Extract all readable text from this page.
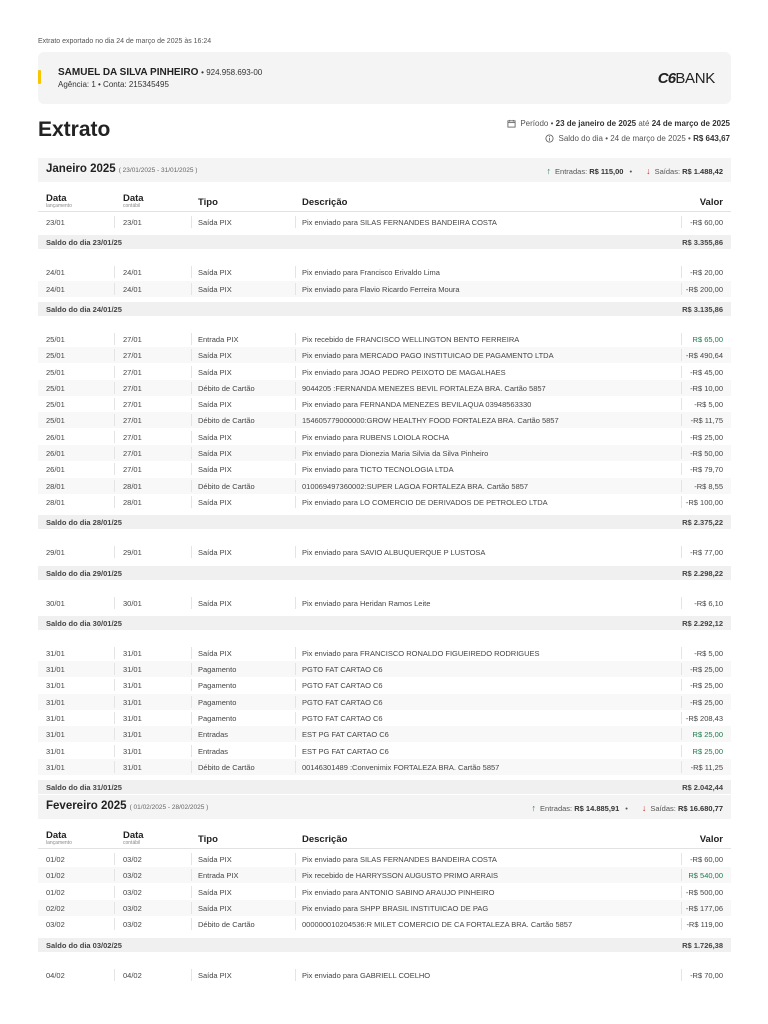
Extrato exportado no dia 24 de março de 2025 às 16:24
SAMUEL DA SILVA PINHEIRO • 924.958.693-00
Agência: 1 • Conta: 215345495	C6BANK
Extrato	Período • 23 de janeiro de 2025 até 24 de março de 2025
Saldo do dia • 24 de março de 2025 • R$ 643,67
Janeiro 2025 ( 23/01/2025 - 31/01/2025 )	↑ Entradas: R$ 115,00 • ↓ Saídas: R$ 1.488,42
Data
lançamento
Data
contábil	Tipo	Descrição	Valor
23/01	23/01	Saída PIX	Pix enviado para SILAS FERNANDES BANDEIRA COSTA	-R$ 60,00
Saldo do dia 23/01/25	R$ 3.355,86
24/01	24/01	Saída PIX	Pix enviado para Francisco Erivaldo Lima	-R$ 20,00
24/01	24/01	Saída PIX	Pix enviado para Flavio Ricardo Ferreira Moura	-R$ 200,00
Saldo do dia 24/01/25	R$ 3.135,86
25/01	27/01	Entrada PIX	Pix recebido de FRANCISCO WELLINGTON BENTO FERREIRA	R$ 65,00
25/01	27/01	Saída PIX	Pix enviado para MERCADO PAGO INSTITUICAO DE PAGAMENTO LTDA	-R$ 490,64
25/01	27/01	Saída PIX	Pix enviado para JOAO PEDRO PEIXOTO DE MAGALHAES	-R$ 45,00
25/01	27/01	Débito de Cartão	9044205 :FERNANDA MENEZES BEVIL FORTALEZA BRA. Cartão 5857	-R$ 10,00
25/01	27/01	Saída PIX	Pix enviado para FERNANDA MENEZES BEVILAQUA 03948563330	-R$ 5,00
25/01	27/01	Débito de Cartão	154605779000000:GROW HEALTHY FOOD FORTALEZA BRA. Cartão 5857	-R$ 11,75
26/01	27/01	Saída PIX	Pix enviado para RUBENS LOIOLA ROCHA	-R$ 25,00
26/01	27/01	Saída PIX	Pix enviado para Dionezia Maria Silvia da Silva Pinheiro	-R$ 50,00
26/01	27/01	Saída PIX	Pix enviado para TICTO TECNOLOGIA LTDA	-R$ 79,70
28/01	28/01	Débito de Cartão	010069497360002:SUPER LAGOA FORTALEZA BRA. Cartão 5857	-R$ 8,55
28/01	28/01	Saída PIX	Pix enviado para LO COMERCIO DE DERIVADOS DE PETROLEO LTDA	-R$ 100,00
Saldo do dia 28/01/25	R$ 2.375,22
29/01	29/01	Saída PIX	Pix enviado para SAVIO ALBUQUERQUE P LUSTOSA	-R$ 77,00
Saldo do dia 29/01/25	R$ 2.298,22
30/01	30/01	Saída PIX	Pix enviado para Heridan Ramos Leite	-R$ 6,10
Saldo do dia 30/01/25	R$ 2.292,12
31/01	31/01	Saída PIX	Pix enviado para FRANCISCO RONALDO FIGUEIREDO RODRIGUES	-R$ 5,00
31/01	31/01	Pagamento	PGTO FAT CARTAO C6	-R$ 25,00
31/01	31/01	Pagamento	PGTO FAT CARTAO C6	-R$ 25,00
31/01	31/01	Pagamento	PGTO FAT CARTAO C6	-R$ 25,00
31/01	31/01	Pagamento	PGTO FAT CARTAO C6	-R$ 208,43
31/01	31/01	Entradas	EST PG FAT CARTAO C6	R$ 25,00
31/01	31/01	Entradas	EST PG FAT CARTAO C6	R$ 25,00
31/01	31/01	Débito de Cartão	00146301489 :Convenimix FORTALEZA BRA. Cartão 5857	-R$ 11,25
Saldo do dia 31/01/25	R$ 2.042,44
Fevereiro 2025 ( 01/02/2025 - 28/02/2025 )	↑ Entradas: R$ 14.885,91 • ↓ Saídas: R$ 16.680,77
Data
lançamento
Data
contábil	Tipo	Descrição	Valor
01/02	03/02	Saída PIX	Pix enviado para SILAS FERNANDES BANDEIRA COSTA	-R$ 60,00
01/02	03/02	Entrada PIX	Pix recebido de HARRYSSON AUGUSTO PRIMO ARRAIS	R$ 540,00
01/02	03/02	Saída PIX	Pix enviado para ANTONIO SABINO ARAUJO PINHEIRO	-R$ 500,00
02/02	03/02	Saída PIX	Pix enviado para SHPP BRASIL INSTITUICAO DE PAG	-R$ 177,06
03/02	03/02	Débito de Cartão	000000010204536:R MILET COMERCIO DE CA FORTALEZA BRA. Cartão 5857	-R$ 119,00
Saldo do dia 03/02/25	R$ 1.726,38
04/02	04/02	Saída PIX	Pix enviado para GABRIELL COELHO	-R$ 70,00
